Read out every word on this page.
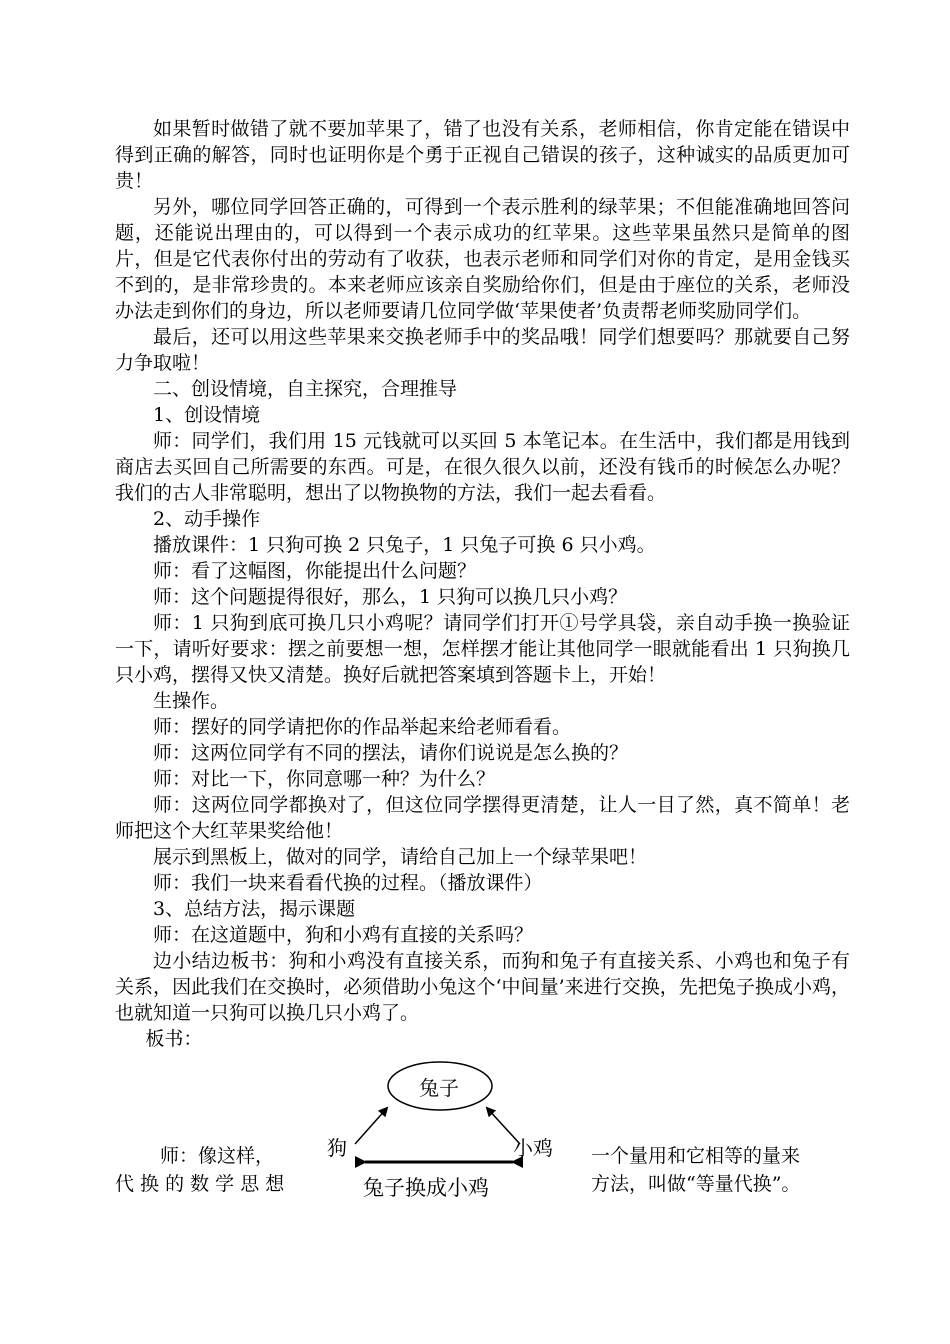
如果暂时做错了就不要加苹果了，错了也没有关系，老师相信，你肯定能在错误中得到正确的解答，同时也证明你是个勇于正视自己错误的孩子，这种诚实的品质更加可贵！

另外，哪位同学回答正确的，可得到一个表示胜利的绿苹果；不但能准确地回答问题，还能说出理由的，可以得到一个表示成功的红苹果。这些苹果虽然只是简单的图片，但是它代表你付出的劳动有了收获，也表示老师和同学们对你的肯定，是用金钱买不到的，是非常珍贵的。本来老师应该亲自奖励给你们，但是由于座位的关系，老师没办法走到你们的身边，所以老师要请几位同学做‘苹果使者’负责帮老师奖励同学们。

最后，还可以用这些苹果来交换老师手中的奖品哦！同学们想要吗？那就要自己努力争取啦！

二、创设情境，自主探究，合理推导

1、创设情境

师：同学们，我们用 15 元钱就可以买回 5 本笔记本。在生活中，我们都是用钱到商店去买回自己所需要的东西。可是，在很久很久以前，还没有钱币的时候怎么办呢？我们的古人非常聪明，想出了以物换物的方法，我们一起去看看。

2、动手操作

播放课件：1 只狗可换 2 只兔子，1 只兔子可换 6 只小鸡。

师：看了这幅图，你能提出什么问题？

师：这个问题提得很好，那么，1 只狗可以换几只小鸡？

师：1 只狗到底可换几只小鸡呢？请同学们打开①号学具袋，亲自动手换一换验证一下，请听好要求：摆之前要想一想，怎样摆才能让其他同学一眼就能看出 1 只狗换几只小鸡，摆得又快又清楚。换好后就把答案填到答题卡上，开始！

生操作。

师：摆好的同学请把你的作品举起来给老师看看。

师：这两位同学有不同的摆法，请你们说说是怎么换的？

师：对比一下，你同意哪一种？为什么？

师：这两位同学都换对了，但这位同学摆得更清楚，让人一目了然，真不简单！老师把这个大红苹果奖给他！

展示到黑板上，做对的同学，请给自己加上一个绿苹果吧！

师：我们一块来看看代换的过程。（播放课件）

3、总结方法，揭示课题

师：在这道题中，狗和小鸡有直接的关系吗？

边小结边板书：狗和小鸡没有直接关系，而狗和兔子有直接关系、小鸡也和兔子有关系，因此我们在交换时，必须借助小兔这个‘中间量’来进行交换，先把兔子换成小鸡，也就知道一只狗可以换几只小鸡了。

板书：

兔子
狗	小鸡
兔子换成小鸡
师：像这样，
代 换 的 数 学 思 想
一个量用和它相等的量来
方法，叫做“等量代换”。
